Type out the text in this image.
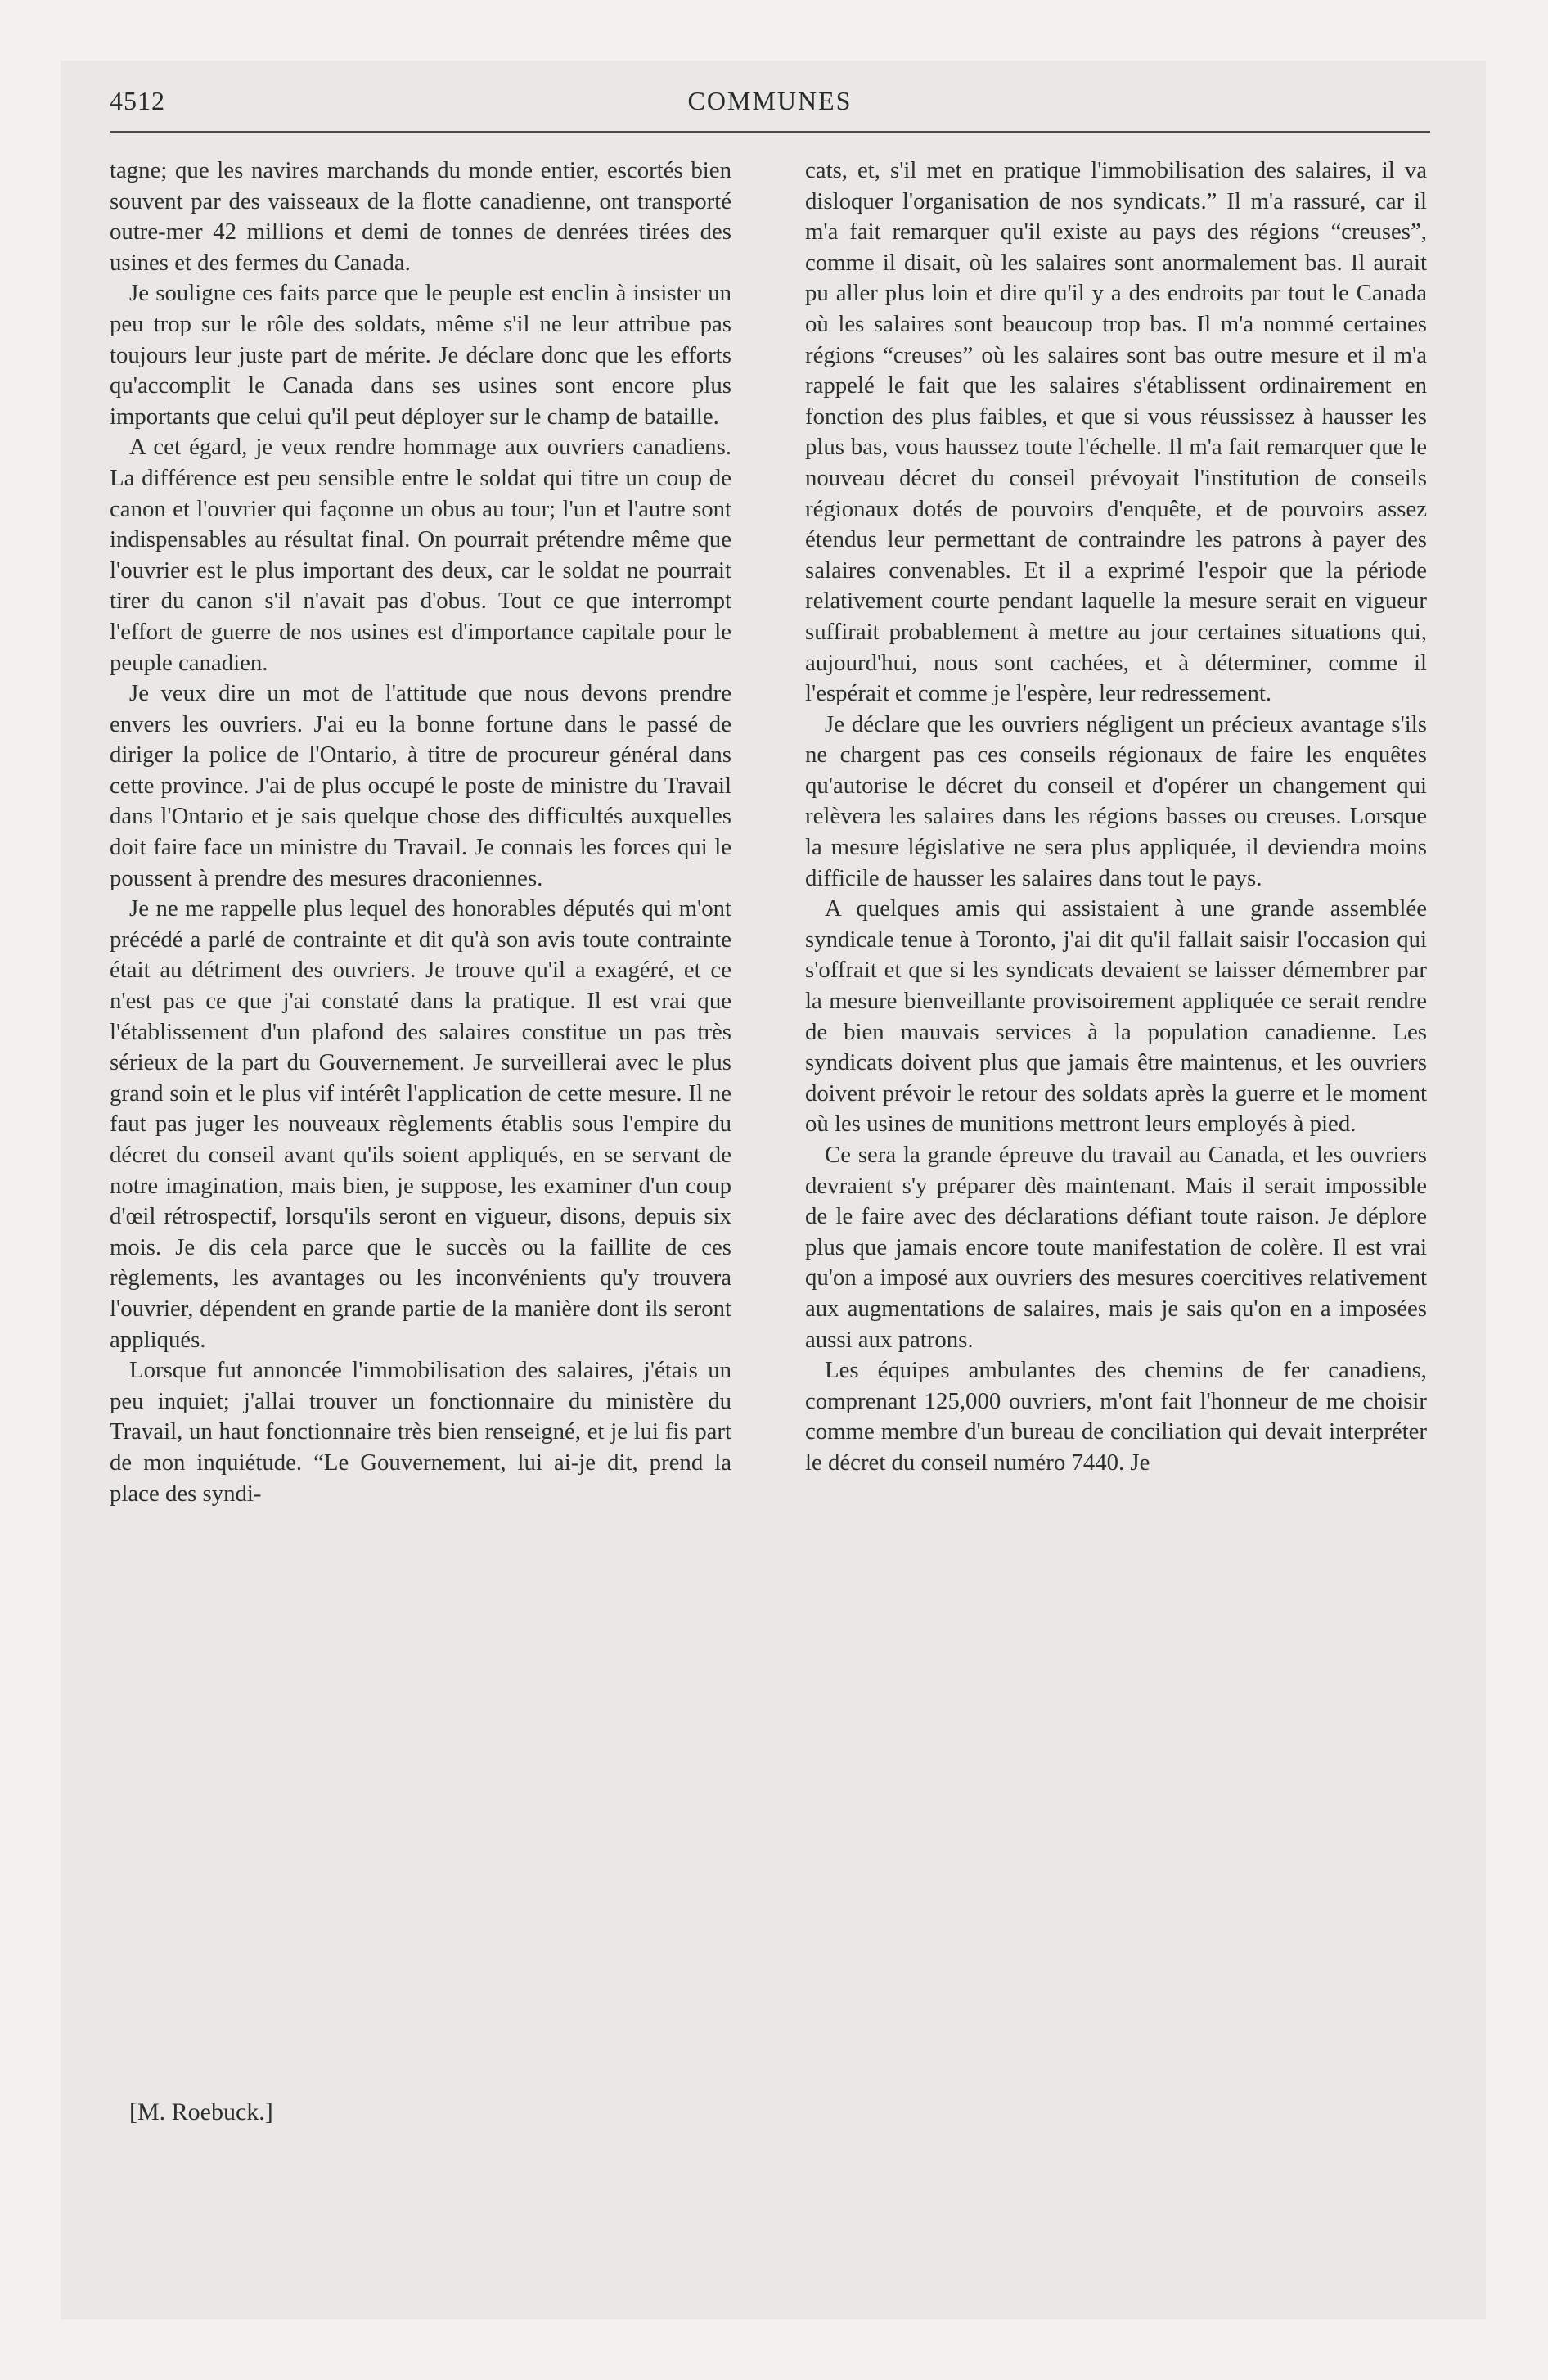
4512	COMMUNES

tagne; que les navires marchands du monde entier, escortés bien souvent par des vaisseaux de la flotte canadienne, ont transporté outre-mer 42 millions et demi de tonnes de denrées tirées des usines et des fermes du Canada.

Je souligne ces faits parce que le peuple est enclin à insister un peu trop sur le rôle des soldats, même s'il ne leur attribue pas toujours leur juste part de mérite. Je déclare donc que les efforts qu'accomplit le Canada dans ses usines sont encore plus importants que celui qu'il peut déployer sur le champ de bataille.

A cet égard, je veux rendre hommage aux ouvriers canadiens. La différence est peu sensible entre le soldat qui titre un coup de canon et l'ouvrier qui façonne un obus au tour; l'un et l'autre sont indispensables au résultat final. On pourrait prétendre même que l'ouvrier est le plus important des deux, car le soldat ne pourrait tirer du canon s'il n'avait pas d'obus. Tout ce que interrompt l'effort de guerre de nos usines est d'importance capitale pour le peuple canadien.

Je veux dire un mot de l'attitude que nous devons prendre envers les ouvriers. J'ai eu la bonne fortune dans le passé de diriger la police de l'Ontario, à titre de procureur général dans cette province. J'ai de plus occupé le poste de ministre du Travail dans l'Ontario et je sais quelque chose des difficultés auxquelles doit faire face un ministre du Travail. Je connais les forces qui le poussent à prendre des mesures draconiennes.

Je ne me rappelle plus lequel des honorables députés qui m'ont précédé a parlé de contrainte et dit qu'à son avis toute contrainte était au détriment des ouvriers. Je trouve qu'il a exagéré, et ce n'est pas ce que j'ai constaté dans la pratique. Il est vrai que l'établissement d'un plafond des salaires constitue un pas très sérieux de la part du Gouvernement. Je surveillerai avec le plus grand soin et le plus vif intérêt l'application de cette mesure. Il ne faut pas juger les nouveaux règlements établis sous l'empire du décret du conseil avant qu'ils soient appliqués, en se servant de notre imagination, mais bien, je suppose, les examiner d'un coup d'œil rétrospectif, lorsqu'ils seront en vigueur, disons, depuis six mois. Je dis cela parce que le succès ou la faillite de ces règlements, les avantages ou les inconvénients qu'y trouvera l'ouvrier, dépendent en grande partie de la manière dont ils seront appliqués.

Lorsque fut annoncée l'immobilisation des salaires, j'étais un peu inquiet; j'allai trouver un fonctionnaire du ministère du Travail, un haut fonctionnaire très bien renseigné, et je lui fis part de mon inquiétude. “Le Gouvernement, lui ai-je dit, prend la place des syndi-

[M. Roebuck.]

cats, et, s'il met en pratique l'immobilisation des salaires, il va disloquer l'organisation de nos syndicats.” Il m'a rassuré, car il m'a fait remarquer qu'il existe au pays des régions “creuses”, comme il disait, où les salaires sont anormalement bas. Il aurait pu aller plus loin et dire qu'il y a des endroits par tout le Canada où les salaires sont beaucoup trop bas. Il m'a nommé certaines régions “creuses” où les salaires sont bas outre mesure et il m'a rappelé le fait que les salaires s'établissent ordinairement en fonction des plus faibles, et que si vous réussissez à hausser les plus bas, vous haussez toute l'échelle. Il m'a fait remarquer que le nouveau décret du conseil prévoyait l'institution de conseils régionaux dotés de pouvoirs d'enquête, et de pouvoirs assez étendus leur permettant de contraindre les patrons à payer des salaires convenables. Et il a exprimé l'espoir que la période relativement courte pendant laquelle la mesure serait en vigueur suffirait probablement à mettre au jour certaines situations qui, aujourd'hui, nous sont cachées, et à déterminer, comme il l'espérait et comme je l'espère, leur redressement.

Je déclare que les ouvriers négligent un précieux avantage s'ils ne chargent pas ces conseils régionaux de faire les enquêtes qu'autorise le décret du conseil et d'opérer un changement qui relèvera les salaires dans les régions basses ou creuses. Lorsque la mesure législative ne sera plus appliquée, il deviendra moins difficile de hausser les salaires dans tout le pays.

A quelques amis qui assistaient à une grande assemblée syndicale tenue à Toronto, j'ai dit qu'il fallait saisir l'occasion qui s'offrait et que si les syndicats devaient se laisser démembrer par la mesure bienveillante provisoirement appliquée ce serait rendre de bien mauvais services à la population canadienne. Les syndicats doivent plus que jamais être maintenus, et les ouvriers doivent prévoir le retour des soldats après la guerre et le moment où les usines de munitions mettront leurs employés à pied.

Ce sera la grande épreuve du travail au Canada, et les ouvriers devraient s'y préparer dès maintenant. Mais il serait impossible de le faire avec des déclarations défiant toute raison. Je déplore plus que jamais encore toute manifestation de colère. Il est vrai qu'on a imposé aux ouvriers des mesures coercitives relativement aux augmentations de salaires, mais je sais qu'on en a imposées aussi aux patrons.

Les équipes ambulantes des chemins de fer canadiens, comprenant 125,000 ouvriers, m'ont fait l'honneur de me choisir comme membre d'un bureau de conciliation qui devait interpréter le décret du conseil numéro 7440. Je
